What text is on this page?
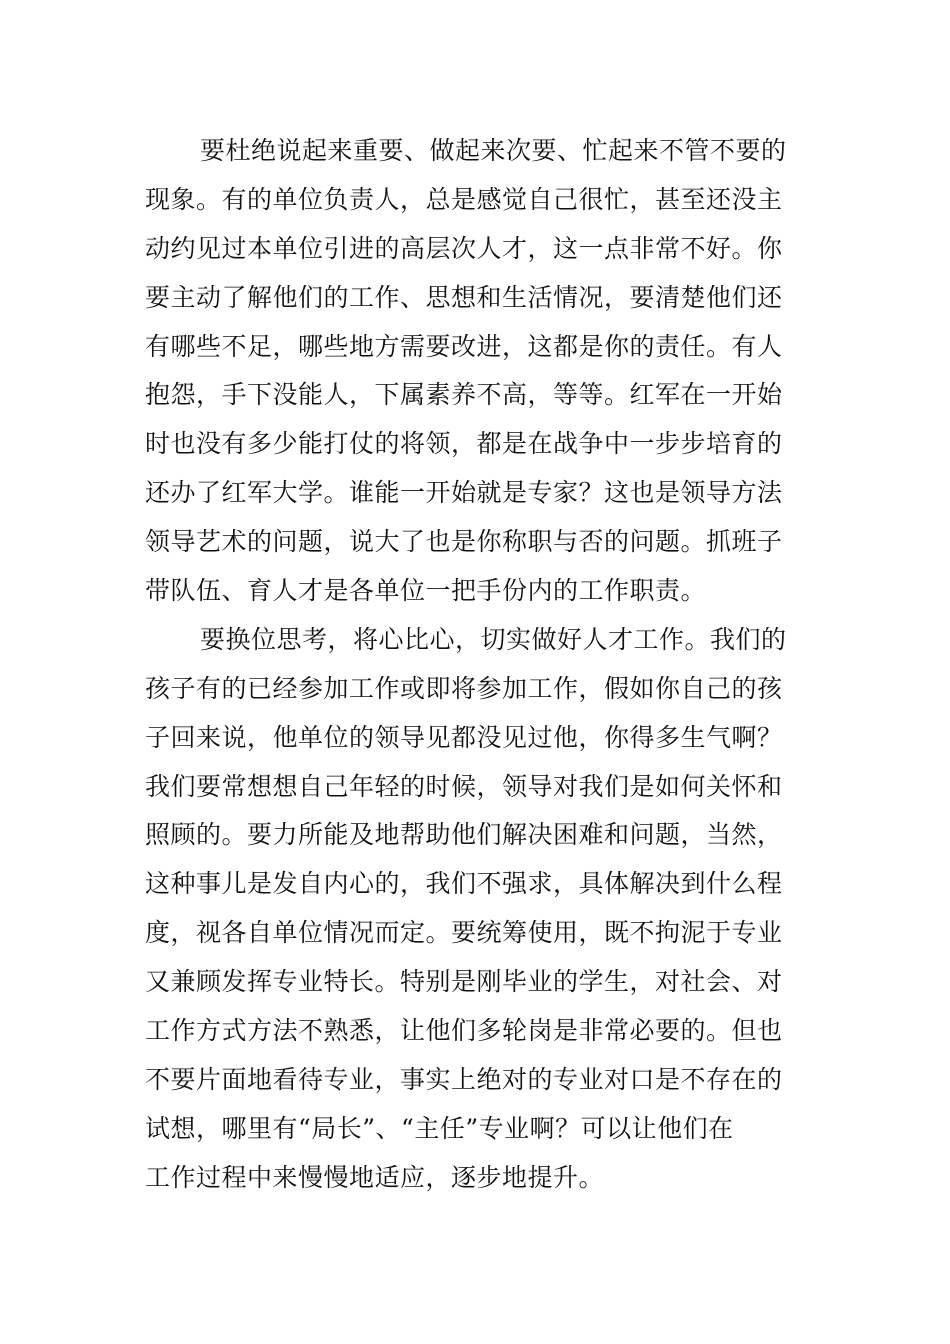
要杜绝说起来重要、做起来次要、忙起来不管不要的
现象。有的单位负责人，总是感觉自己很忙，甚至还没主
动约见过本单位引进的高层次人才，这一点非常不好。你
要主动了解他们的工作、思想和生活情况，要清楚他们还
有哪些不足，哪些地方需要改进，这都是你的责任。有人
抱怨，手下没能人，下属素养不高，等等。红军在一开始
时也没有多少能打仗的将领，都是在战争中一步步培育的
还办了红军大学。谁能一开始就是专家？这也是领导方法
领导艺术的问题，说大了也是你称职与否的问题。抓班子
带队伍、育人才是各单位一把手份内的工作职责。
要换位思考，将心比心，切实做好人才工作。我们的
孩子有的已经参加工作或即将参加工作，假如你自己的孩
子回来说，他单位的领导见都没见过他，你得多生气啊？
我们要常想想自己年轻的时候，领导对我们是如何关怀和
照顾的。要力所能及地帮助他们解决困难和问题，当然，
这种事儿是发自内心的，我们不强求，具体解决到什么程
度，视各自单位情况而定。要统筹使用，既不拘泥于专业
又兼顾发挥专业特长。特别是刚毕业的学生，对社会、对
工作方式方法不熟悉，让他们多轮岗是非常必要的。但也
不要片面地看待专业，事实上绝对的专业对口是不存在的
试想，哪里有“局长”、“主任”专业啊？可以让他们在
工作过程中来慢慢地适应，逐步地提升。
